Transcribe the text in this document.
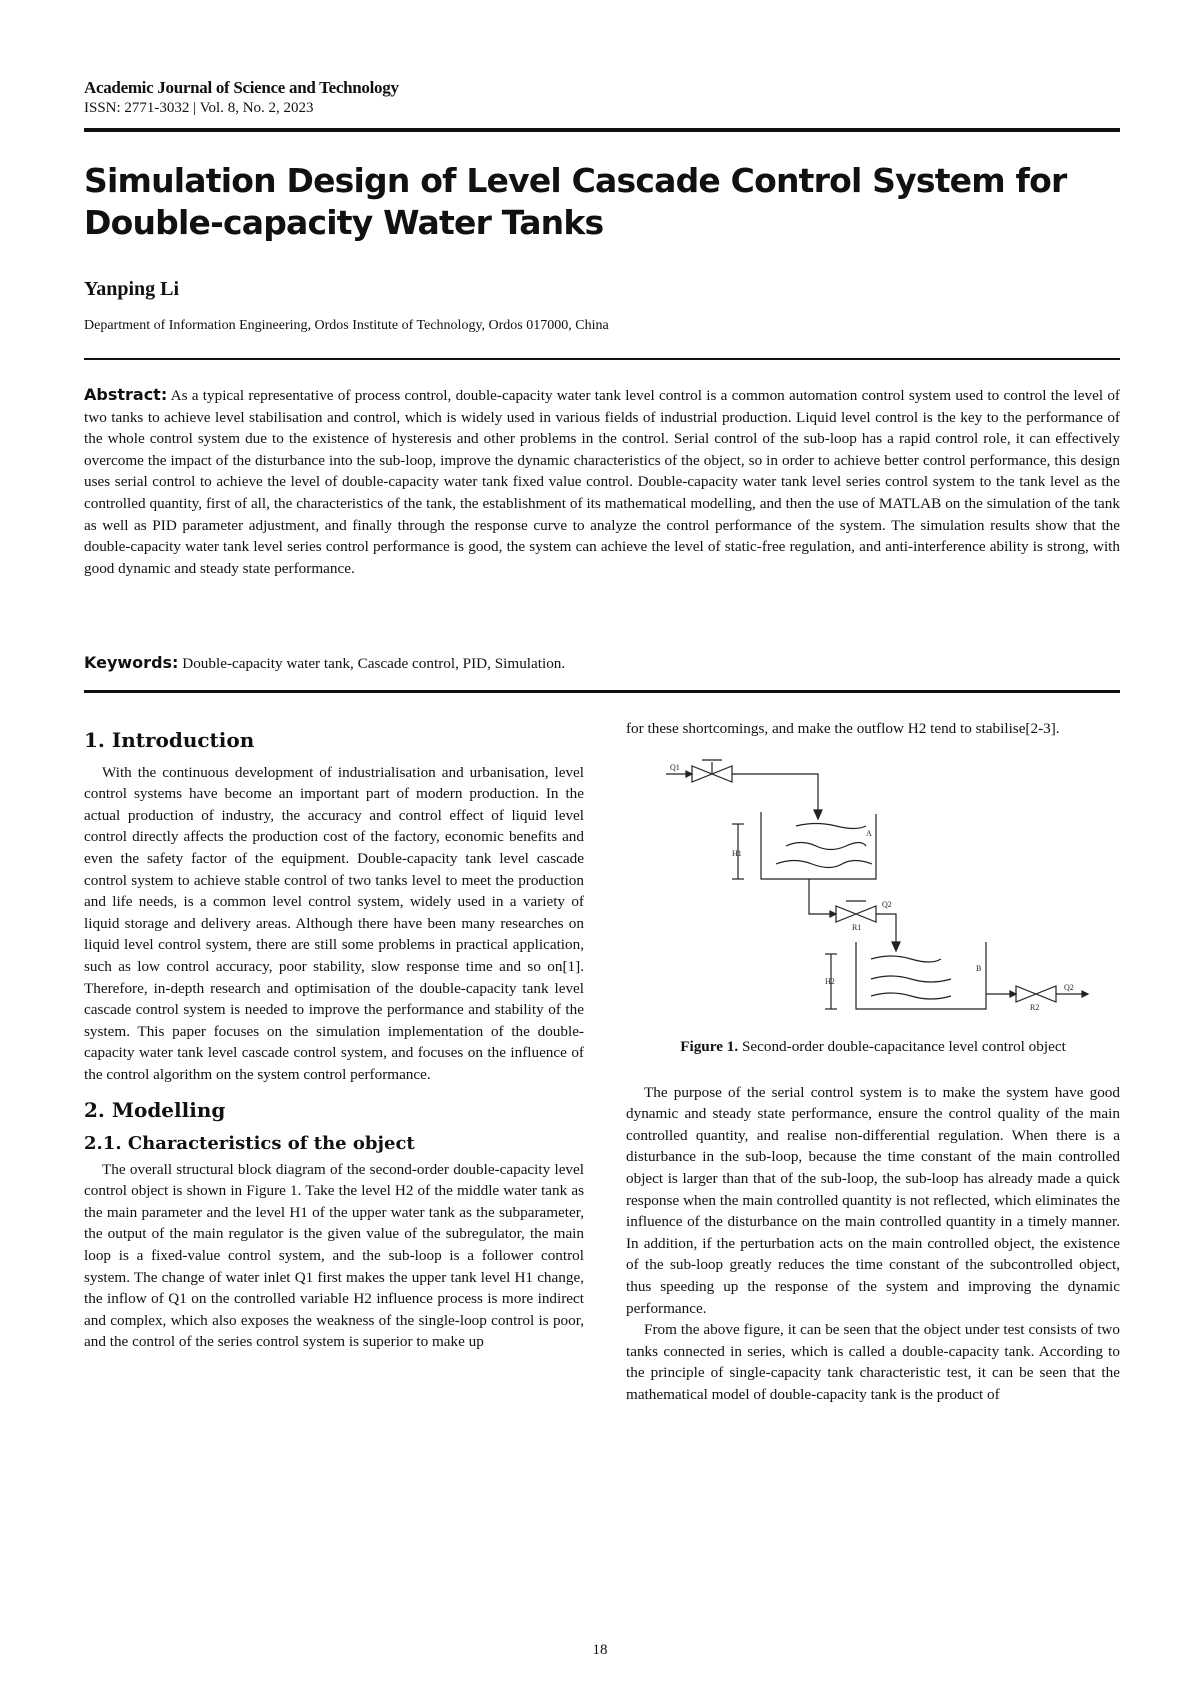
Academic Journal of Science and Technology
ISSN: 2771-3032 | Vol. 8, No. 2, 2023
Simulation Design of Level Cascade Control System for Double-capacity Water Tanks
Yanping Li
Department of Information Engineering, Ordos Institute of Technology, Ordos 017000, China
Abstract: As a typical representative of process control, double-capacity water tank level control is a common automation control system used to control the level of two tanks to achieve level stabilisation and control, which is widely used in various fields of industrial production. Liquid level control is the key to the performance of the whole control system due to the existence of hysteresis and other problems in the control. Serial control of the sub-loop has a rapid control role, it can effectively overcome the impact of the disturbance into the sub-loop, improve the dynamic characteristics of the object, so in order to achieve better control performance, this design uses serial control to achieve the level of double-capacity water tank fixed value control. Double-capacity water tank level series control system to the tank level as the controlled quantity, first of all, the characteristics of the tank, the establishment of its mathematical modelling, and then the use of MATLAB on the simulation of the tank as well as PID parameter adjustment, and finally through the response curve to analyze the control performance of the system. The simulation results show that the double-capacity water tank level series control performance is good, the system can achieve the level of static-free regulation, and anti-interference ability is strong, with good dynamic and steady state performance.
Keywords: Double-capacity water tank, Cascade control, PID, Simulation.
1. Introduction

With the continuous development of industrialisation and urbanisation, level control systems have become an important part of modern production. In the actual production of industry, the accuracy and control effect of liquid level control directly affects the production cost of the factory, economic benefits and even the safety factor of the equipment. Double-capacity tank level cascade control system to achieve stable control of two tanks level to meet the production and life needs, is a common level control system, widely used in a variety of liquid storage and delivery areas. Although there have been many researches on liquid level control system, there are still some problems in practical application, such as low control accuracy, poor stability, slow response time and so on[1]. Therefore, in-depth research and optimisation of the double-capacity tank level cascade control system is needed to improve the performance and stability of the system. This paper focuses on the simulation implementation of the double-capacity water tank level cascade control system, and focuses on the influence of the control algorithm on the system control performance.

2. Modelling
2.1. Characteristics of the object

The overall structural block diagram of the second-order double-capacity level control object is shown in Figure 1. Take the level H2 of the middle water tank as the main parameter and the level H1 of the upper water tank as the subparameter, the output of the main regulator is the given value of the subregulator, the main loop is a fixed-value control system, and the sub-loop is a follower control system. The change of water inlet Q1 first makes the upper tank level H1 change, the inflow of Q1 on the controlled variable H2 influence process is more indirect and complex, which also exposes the weakness of the single-loop control is poor, and the control of the series control system is superior to make up

for these shortcomings, and make the outflow H2 tend to stabilise[2-3].
Q1
H1
A
R1
Q2
H2
B
R2
Q2
Figure 1. Second-order double-capacitance level control object

The purpose of the serial control system is to make the system have good dynamic and steady state performance, ensure the control quality of the main controlled quantity, and realise non-differential regulation. When there is a disturbance in the sub-loop, because the time constant of the main controlled object is larger than that of the sub-loop, the sub-loop has already made a quick response when the main controlled quantity is not reflected, which eliminates the influence of the disturbance on the main controlled quantity in a timely manner. In addition, if the perturbation acts on the main controlled object, the existence of the sub-loop greatly reduces the time constant of the subcontrolled object, thus speeding up the response of the system and improving the dynamic performance.

From the above figure, it can be seen that the object under test consists of two tanks connected in series, which is called a double-capacity tank. According to the principle of single-capacity tank characteristic test, it can be seen that the mathematical model of double-capacity tank is the product of

18
